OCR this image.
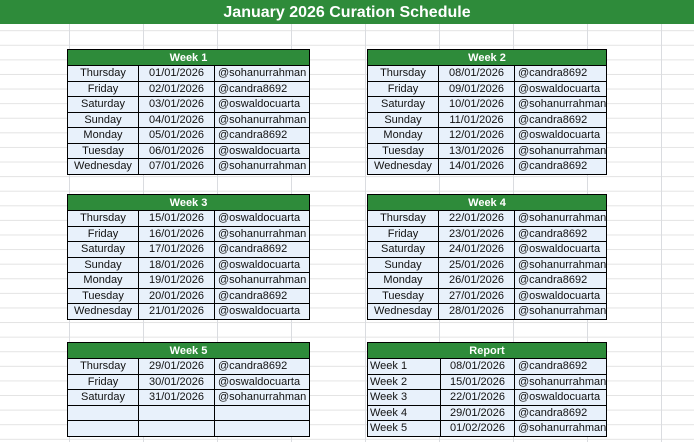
January 2026 Curation Schedule
Week 1
Thursday	01/01/2026	@sohanurrahman
Friday	02/01/2026	@candra8692
Saturday	03/01/2026	@oswaldocuarta
Sunday	04/01/2026	@sohanurrahman
Monday	05/01/2026	@candra8692
Tuesday	06/01/2026	@oswaldocuarta
Wednesday	07/01/2026	@sohanurrahman
Week 2
Thursday	08/01/2026	@candra8692
Friday	09/01/2026	@oswaldocuarta
Saturday	10/01/2026	@sohanurrahman
Sunday	11/01/2026	@candra8692
Monday	12/01/2026	@oswaldocuarta
Tuesday	13/01/2026	@sohanurrahman
Wednesday	14/01/2026	@candra8692
Week 3
Thursday	15/01/2026	@oswaldocuarta
Friday	16/01/2026	@sohanurrahman
Saturday	17/01/2026	@candra8692
Sunday	18/01/2026	@oswaldocuarta
Monday	19/01/2026	@sohanurrahman
Tuesday	20/01/2026	@candra8692
Wednesday	21/01/2026	@oswaldocuarta
Week 4
Thursday	22/01/2026	@sohanurrahman
Friday	23/01/2026	@candra8692
Saturday	24/01/2026	@oswaldocuarta
Sunday	25/01/2026	@sohanurrahman
Monday	26/01/2026	@candra8692
Tuesday	27/01/2026	@oswaldocuarta
Wednesday	28/01/2026	@sohanurrahman
Week 5
Thursday	29/01/2026	@candra8692
Friday	30/01/2026	@oswaldocuarta
Saturday	31/01/2026	@sohanurrahman
Report
Week 1	08/01/2026	@candra8692
Week 2	15/01/2026	@sohanurrahman
Week 3	22/01/2026	@oswaldocuarta
Week 4	29/01/2026	@candra8692
Week 5	01/02/2026	@sohanurrahman
